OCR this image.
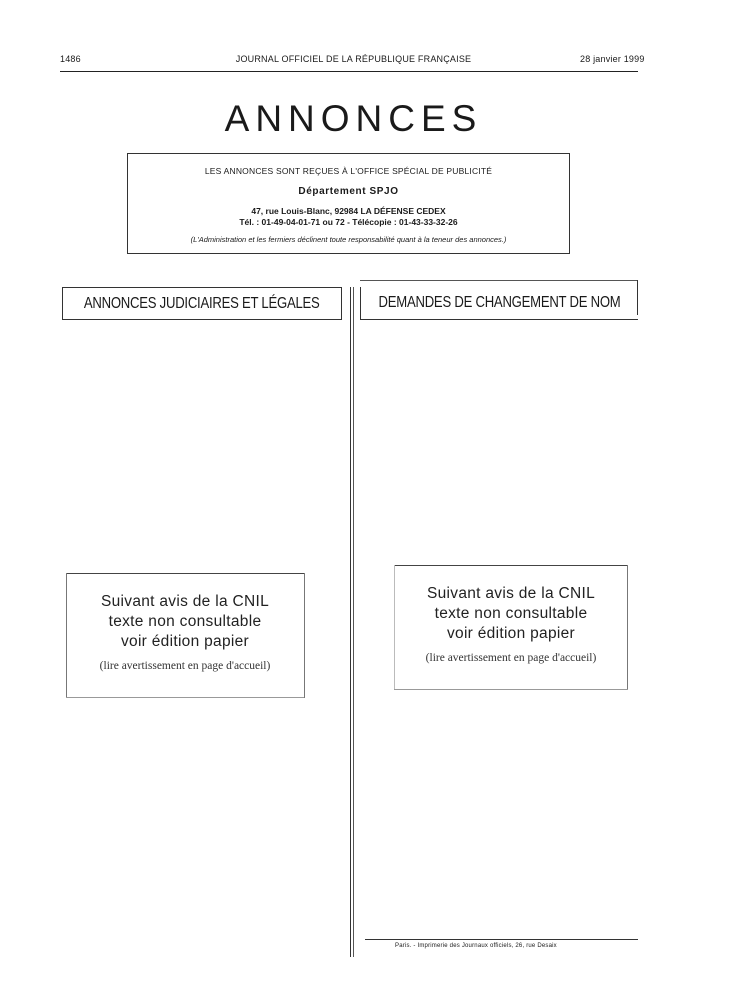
1486	JOURNAL OFFICIEL DE LA RÉPUBLIQUE FRANÇAISE	28 janvier 1999
ANNONCES
LES ANNONCES SONT REÇUES À L'OFFICE SPÉCIAL DE PUBLICITÉ
Département SPJO
47, rue Louis-Blanc, 92984 LA DÉFENSE CEDEX
Tél. : 01-49-04-01-71 ou 72 - Télécopie : 01-43-33-32-26
(L'Administration et les fermiers déclinent toute responsabilité quant à la teneur des annonces.)
ANNONCES JUDICIAIRES ET LÉGALES	DEMANDES DE CHANGEMENT DE NOM
Suivant avis de la CNIL
texte non consultable
voir édition papier
(lire avertissement en page d'accueil)
Suivant avis de la CNIL
texte non consultable
voir édition papier
(lire avertissement en page d'accueil)
Paris. - Imprimerie des Journaux officiels, 26, rue Desaix
